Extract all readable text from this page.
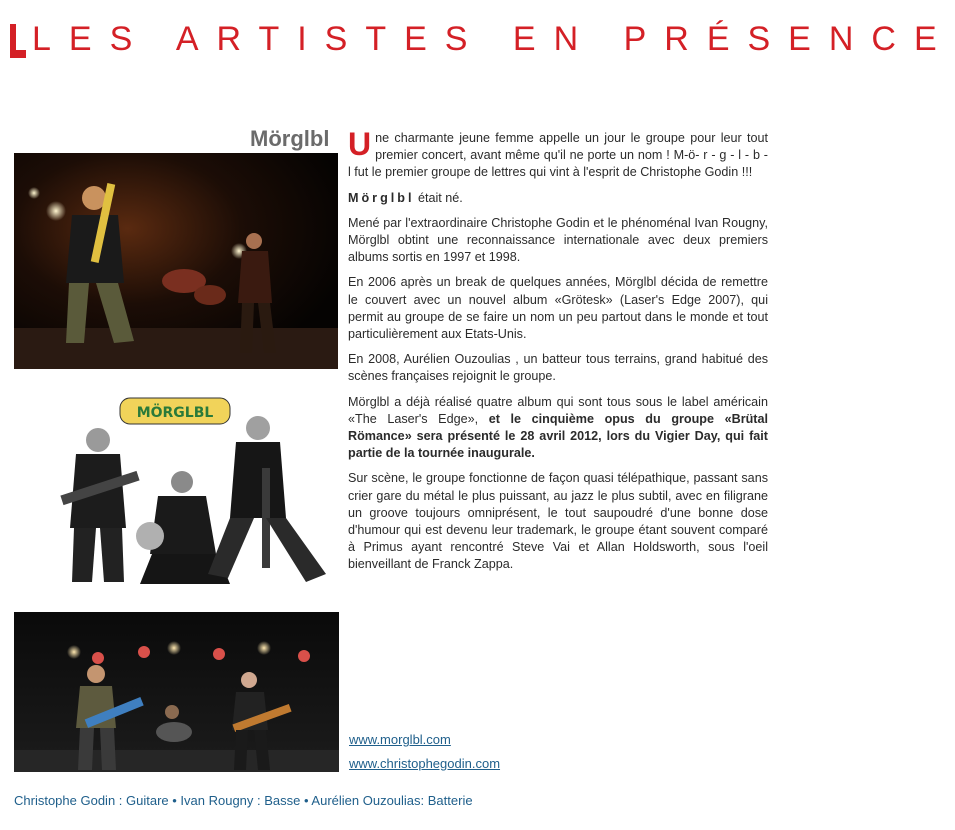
LES ARTISTES EN PRÉSENCE
Mörglbl
MÖRGLBL

Une charmante jeune femme appelle un jour le groupe pour leur tout premier concert, avant même qu'il ne porte un nom ! M-ö- r - g - l - b - l fut le premier groupe de lettres qui vint à l'esprit de Christophe Godin !!!

Mörglbl était né.

Mené par l'extraordinaire Christophe Godin et le phénoménal Ivan Rougny, Mörglbl obtint une reconnaissance internationale avec deux premiers albums sortis en 1997 et 1998.

En 2006 après un break de quelques années, Mörglbl décida de remettre le couvert avec un nouvel album «Grötesk» (Laser's Edge 2007), qui permit au groupe de se faire un nom un peu partout dans le monde et tout particulièrement aux Etats-Unis.

En 2008, Aurélien Ouzoulias , un batteur tous terrains, grand habitué des scènes françaises rejoignit le groupe.

Mörglbl a déjà réalisé quatre album qui sont tous sous le label américain «The Laser's Edge», et le cinquième opus du groupe «Brütal Römance» sera présenté le 28 avril 2012, lors du Vigier Day, qui fait partie de la tournée inaugurale.

Sur scène, le groupe fonctionne de façon quasi télépathique, passant sans crier gare du métal le plus puissant, au jazz le plus subtil, avec en filigrane un groove toujours omniprésent, le tout saupoudré d'une bonne dose d'humour qui est devenu leur trademark, le groupe étant souvent comparé à Primus ayant rencontré Steve Vai et Allan Holdsworth, sous l'oeil bienveillant de Franck Zappa.

www.morglbl.com
www.christophegodin.com
Christophe Godin : Guitare • Ivan Rougny : Basse • Aurélien Ouzoulias: Batterie
